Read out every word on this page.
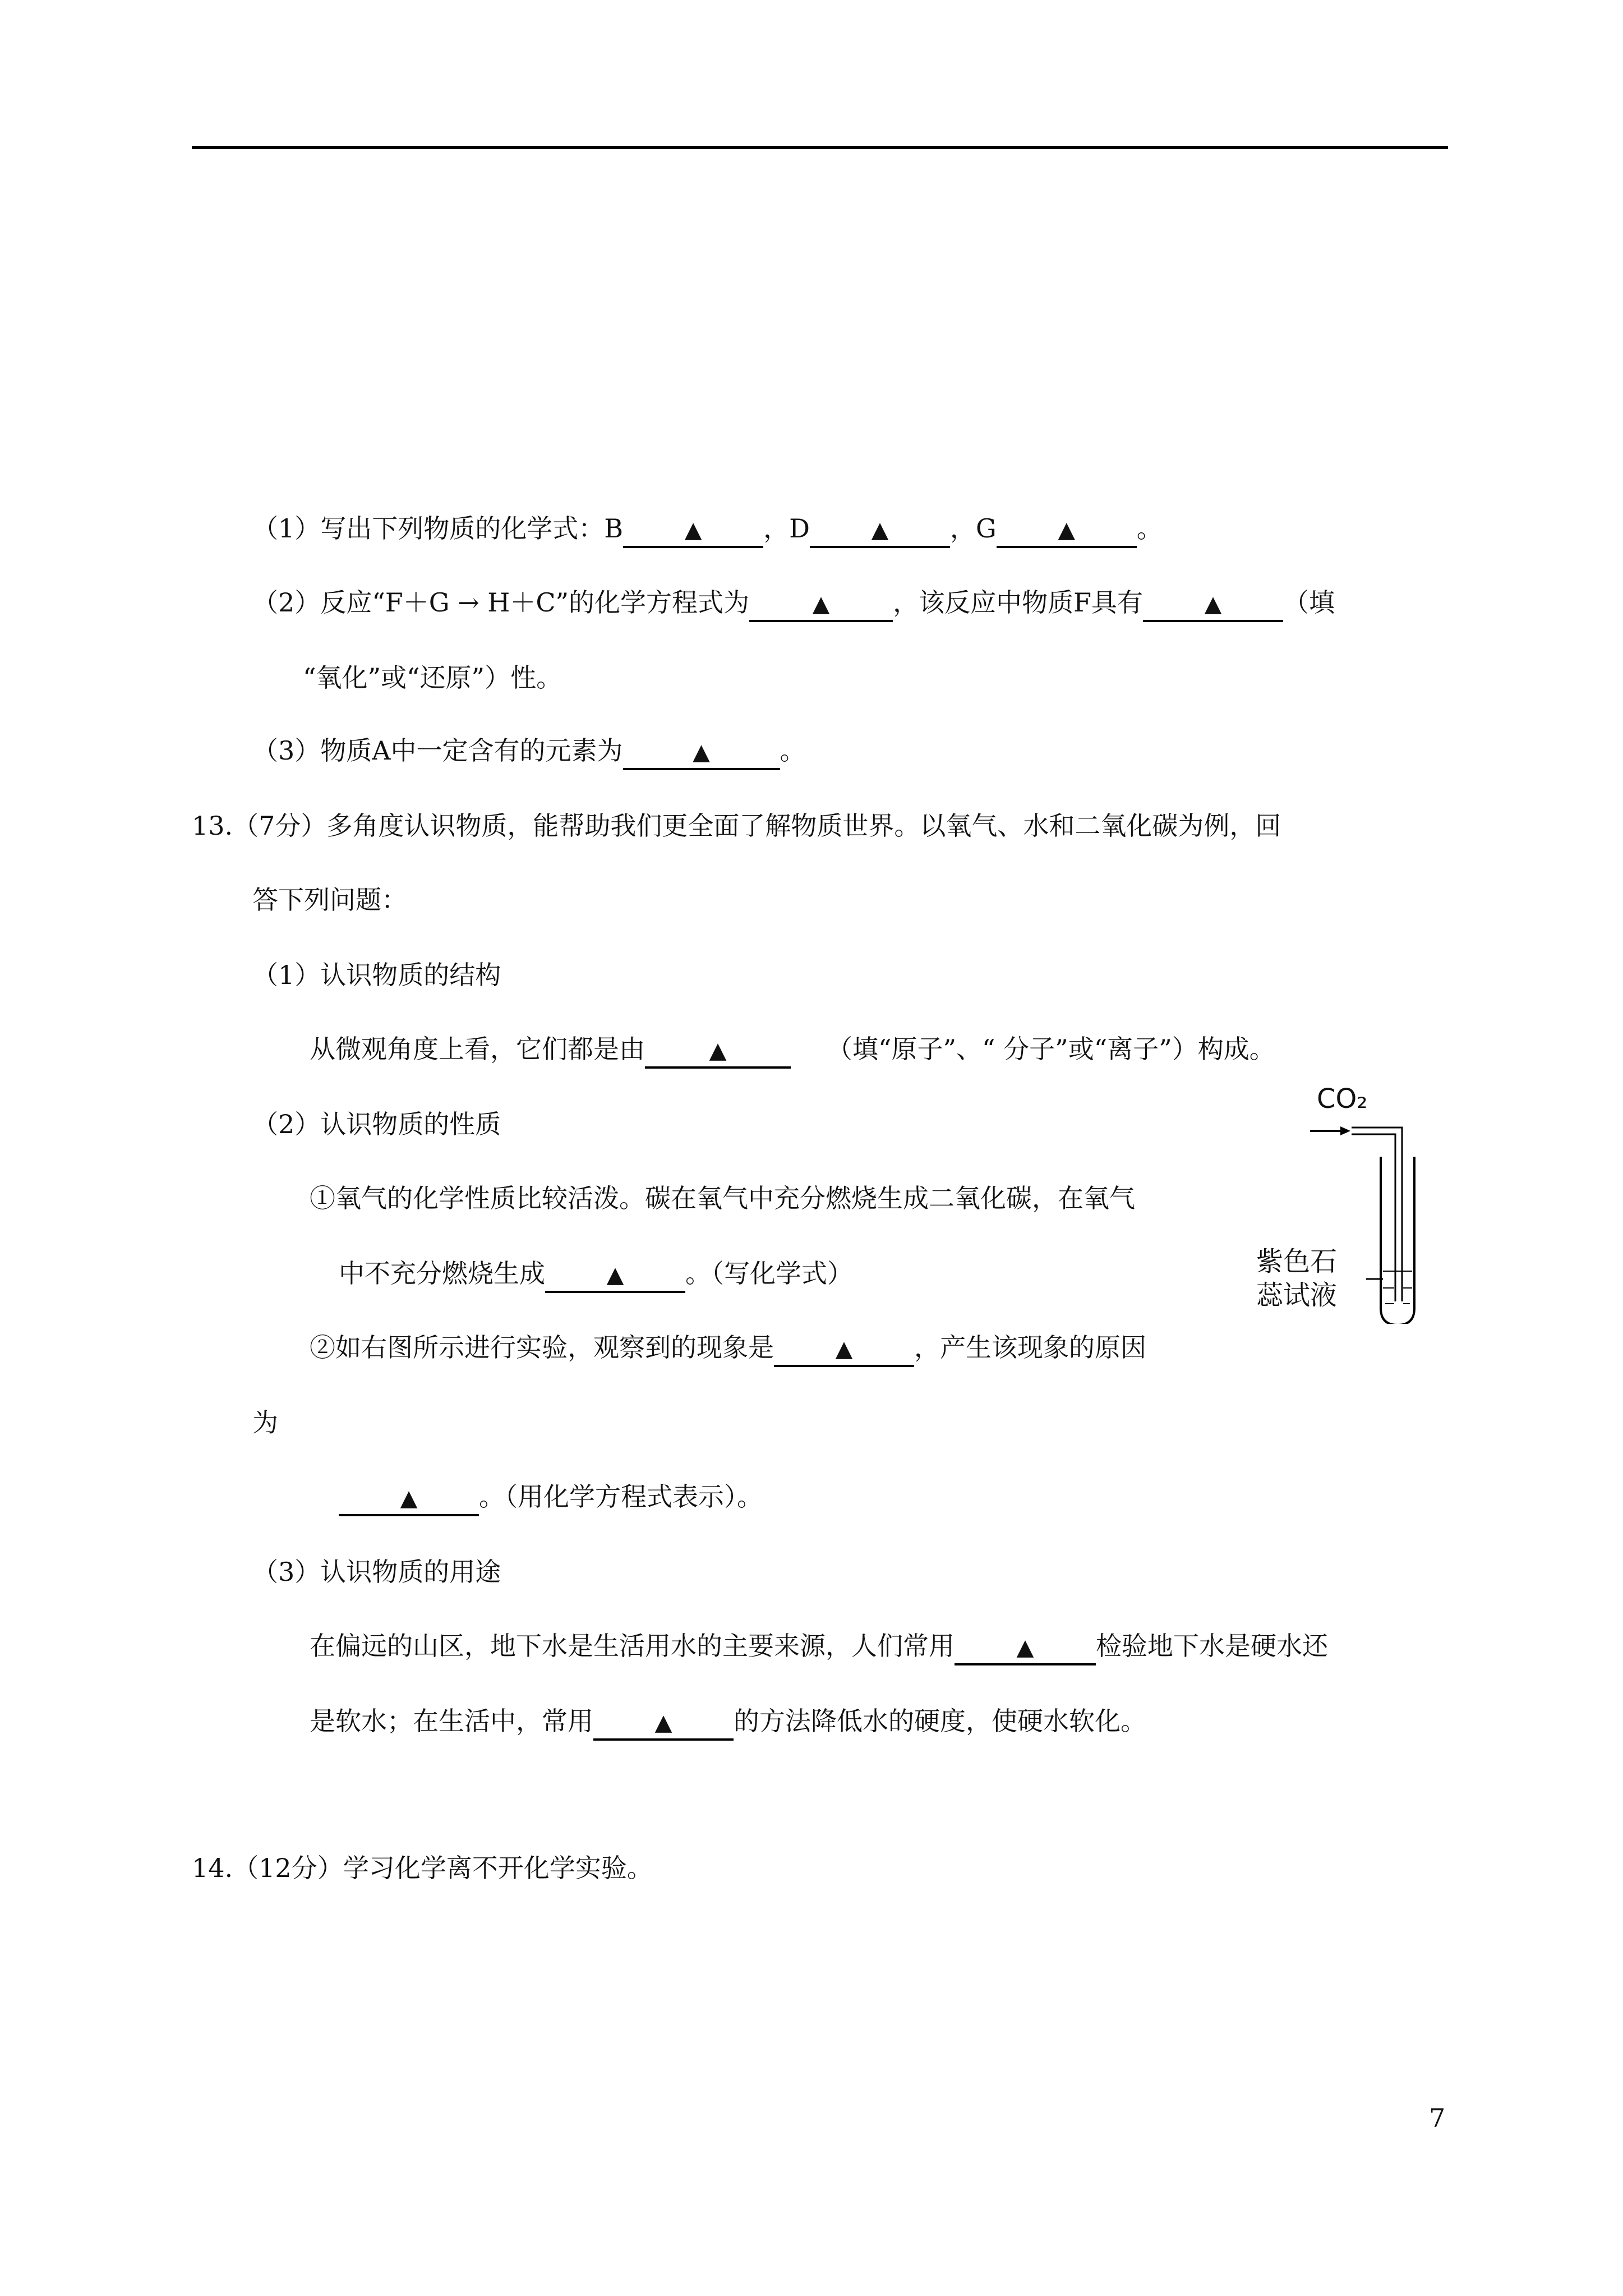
（1）写出下列物质的化学式：B	▲ ，D	▲ ，G	▲ 。
（2）反应“F＋G → H＋C”的化学方程式为	▲ ，该反应中物质F具有	▲ （填
“氧化”或“还原”）性。
（3）物质A中一定含有的元素为	▲	。
13.（7分）多角度认识物质，能帮助我们更全面了解物质世界。以氧气、水和二氧化碳为例，回
答下列问题：
（1）认识物质的结构
从微观角度上看，它们都是由	▲	（填“原子”、“ 分子”或“离子”）构成。
（2）认识物质的性质
①氧气的化学性质比较活泼。碳在氧气中充分燃烧生成二氧化碳，在氧气
中不充分燃烧生成	▲ 。（写化学式）
②如右图所示进行实验，观察到的现象是	▲ ，产生该现象的原因
为
▲ 。（用化学方程式表示）。
（3）认识物质的用途
在偏远的山区，地下水是生活用水的主要来源，人们常用	▲ 检验地下水是硬水还
是软水；在生活中，常用	▲ 的方法降低水的硬度，使硬水软化。
14.（12分）学习化学离不开化学实验。
CO₂
紫色石
蕊试液
7
